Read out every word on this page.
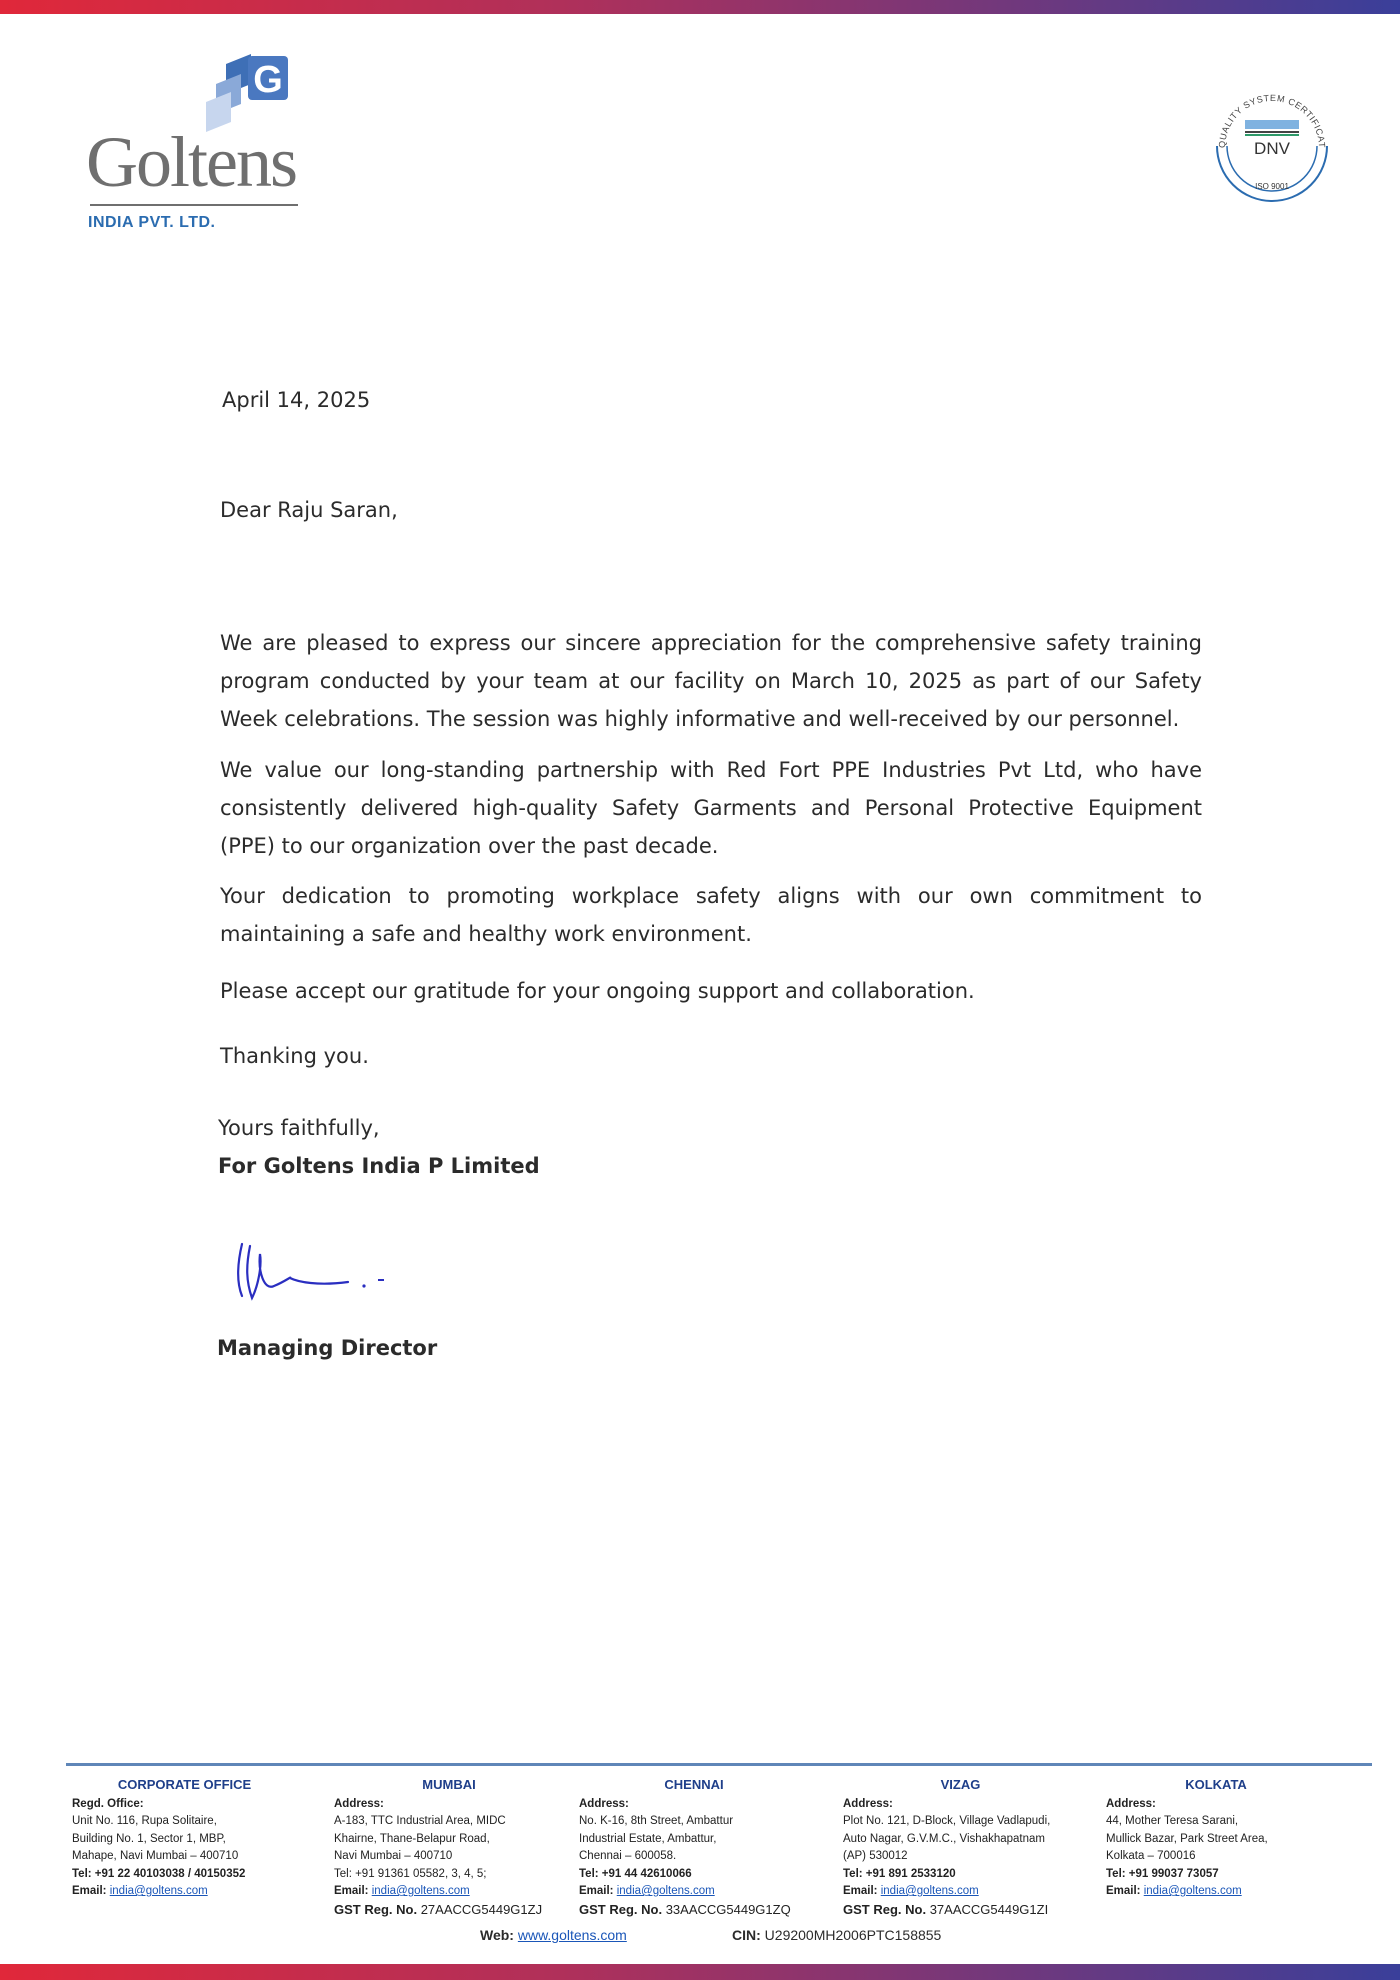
G
Goltens
INDIA PVT. LTD.
QUALITY SYSTEM CERTIFICAT
DNV
ISO 9001
April 14, 2025
Dear Raju Saran,

We are pleased to express our sincere appreciation for the comprehensive safety training program conducted by your team at our facility on March 10, 2025 as part of our Safety Week celebrations. The session was highly informative and well-received by our personnel.

We value our long-standing partnership with Red Fort PPE Industries Pvt Ltd, who have consistently delivered high-quality Safety Garments and Personal Protective Equipment (PPE) to our organization over the past decade.

Your dedication to promoting workplace safety aligns with our own commitment to maintaining a safe and healthy work environment.

Please accept our gratitude for your ongoing support and collaboration.

Thanking you.
Yours faithfully,
For Goltens India P Limited
Managing Director
CORPORATE OFFICE
Regd. Office:
Unit No. 116, Rupa Solitaire,
Building No. 1, Sector 1, MBP,
Mahape, Navi Mumbai – 400710
Tel: +91 22 40103038 / 40150352
Email: india@goltens.com
MUMBAI
Address:
A-183, TTC Industrial Area, MIDC
Khairne, Thane-Belapur Road,
Navi Mumbai – 400710
Tel: +91 91361 05582, 3, 4, 5;
Email: india@goltens.com
GST Reg. No. 27AACCG5449G1ZJ
CHENNAI
Address:
No. K-16, 8th Street, Ambattur
Industrial Estate, Ambattur,
Chennai – 600058.
Tel: +91 44 42610066
Email: india@goltens.com
GST Reg. No. 33AACCG5449G1ZQ
VIZAG
Address:
Plot No. 121, D-Block, Village Vadlapudi,
Auto Nagar, G.V.M.C., Vishakhapatnam
(AP) 530012
Tel: +91 891 2533120
Email: india@goltens.com
GST Reg. No. 37AACCG5449G1ZI
KOLKATA
Address:
44, Mother Teresa Sarani,
Mullick Bazar, Park Street Area,
Kolkata – 700016
Tel: +91 99037 73057
Email: india@goltens.com
Web: www.goltens.com	CIN: U29200MH2006PTC158855
